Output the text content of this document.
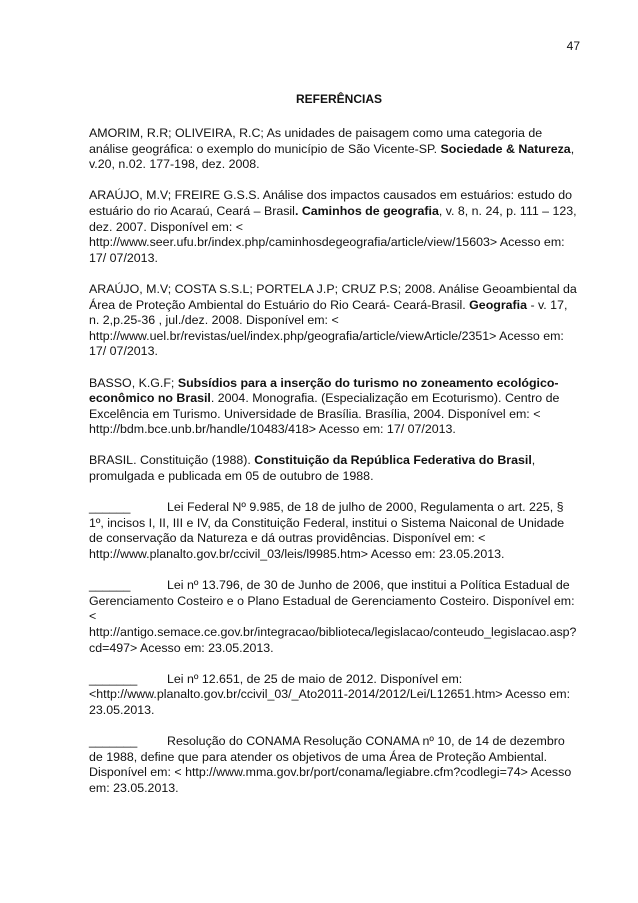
47
REFERÊNCIAS

AMORIM, R.R; OLIVEIRA, R.C; As unidades de paisagem como uma categoria de análise geográfica: o exemplo do município de São Vicente-SP. Sociedade & Natureza, v.20, n.02. 177-198, dez. 2008.

ARAÚJO, M.V; FREIRE G.S.S. Análise dos impactos causados em estuários: estudo do estuário do rio Acaraú, Ceará – Brasil. Caminhos de geografia, v. 8, n. 24, p. 111 – 123, dez. 2007. Disponível em: < http://www.seer.ufu.br/index.php/caminhosdegeografia/article/view/15603> Acesso em: 17/ 07/2013.

ARAÚJO, M.V; COSTA S.S.L; PORTELA J.P; CRUZ P.S; 2008. Análise Geoambiental da Área de Proteção Ambiental do Estuário do Rio Ceará- Ceará-Brasil. Geografia - v. 17, n. 2,p.25-36 , jul./dez. 2008. Disponível em: < http://www.uel.br/revistas/uel/index.php/geografia/article/viewArticle/2351> Acesso em: 17/ 07/2013.

BASSO, K.G.F; Subsídios para a inserção do turismo no zoneamento ecológico-econômico no Brasil. 2004. Monografia. (Especialização em Ecoturismo). Centro de Excelência em Turismo. Universidade de Brasília. Brasília, 2004. Disponível em: < http://bdm.bce.unb.br/handle/10483/418> Acesso em: 17/ 07/2013.

BRASIL. Constituição (1988). Constituição da República Federativa do Brasil, promulgada e publicada em 05 de outubro de 1988.

______	Lei Federal Nº 9.985, de 18 de julho de 2000, Regulamenta o art. 225, § 1º, incisos I, II, III e IV, da Constituição Federal, institui o Sistema Naiconal de Unidade de conservação da Natureza e dá outras providências. Disponível em: < http://www.planalto.gov.br/ccivil_03/leis/l9985.htm> Acesso em: 23.05.2013.

______	Lei nº 13.796, de 30 de Junho de 2006, que institui a Política Estadual de Gerenciamento Costeiro e o Plano Estadual de Gerenciamento Costeiro. Disponível em: < http://antigo.semace.ce.gov.br/integracao/biblioteca/legislacao/conteudo_legislacao.asp?cd=497> Acesso em: 23.05.2013.

_______ Lei nº 12.651, de 25 de maio de 2012. Disponível em: <http://www.planalto.gov.br/ccivil_03/_Ato2011-2014/2012/Lei/L12651.htm> Acesso em: 23.05.2013.

_______ Resolução do CONAMA Resolução CONAMA nº 10, de 14 de dezembro de 1988, define que para atender os objetivos de uma Área de Proteção Ambiental. Disponível em: < http://www.mma.gov.br/port/conama/legiabre.cfm?codlegi=74> Acesso em: 23.05.2013.
